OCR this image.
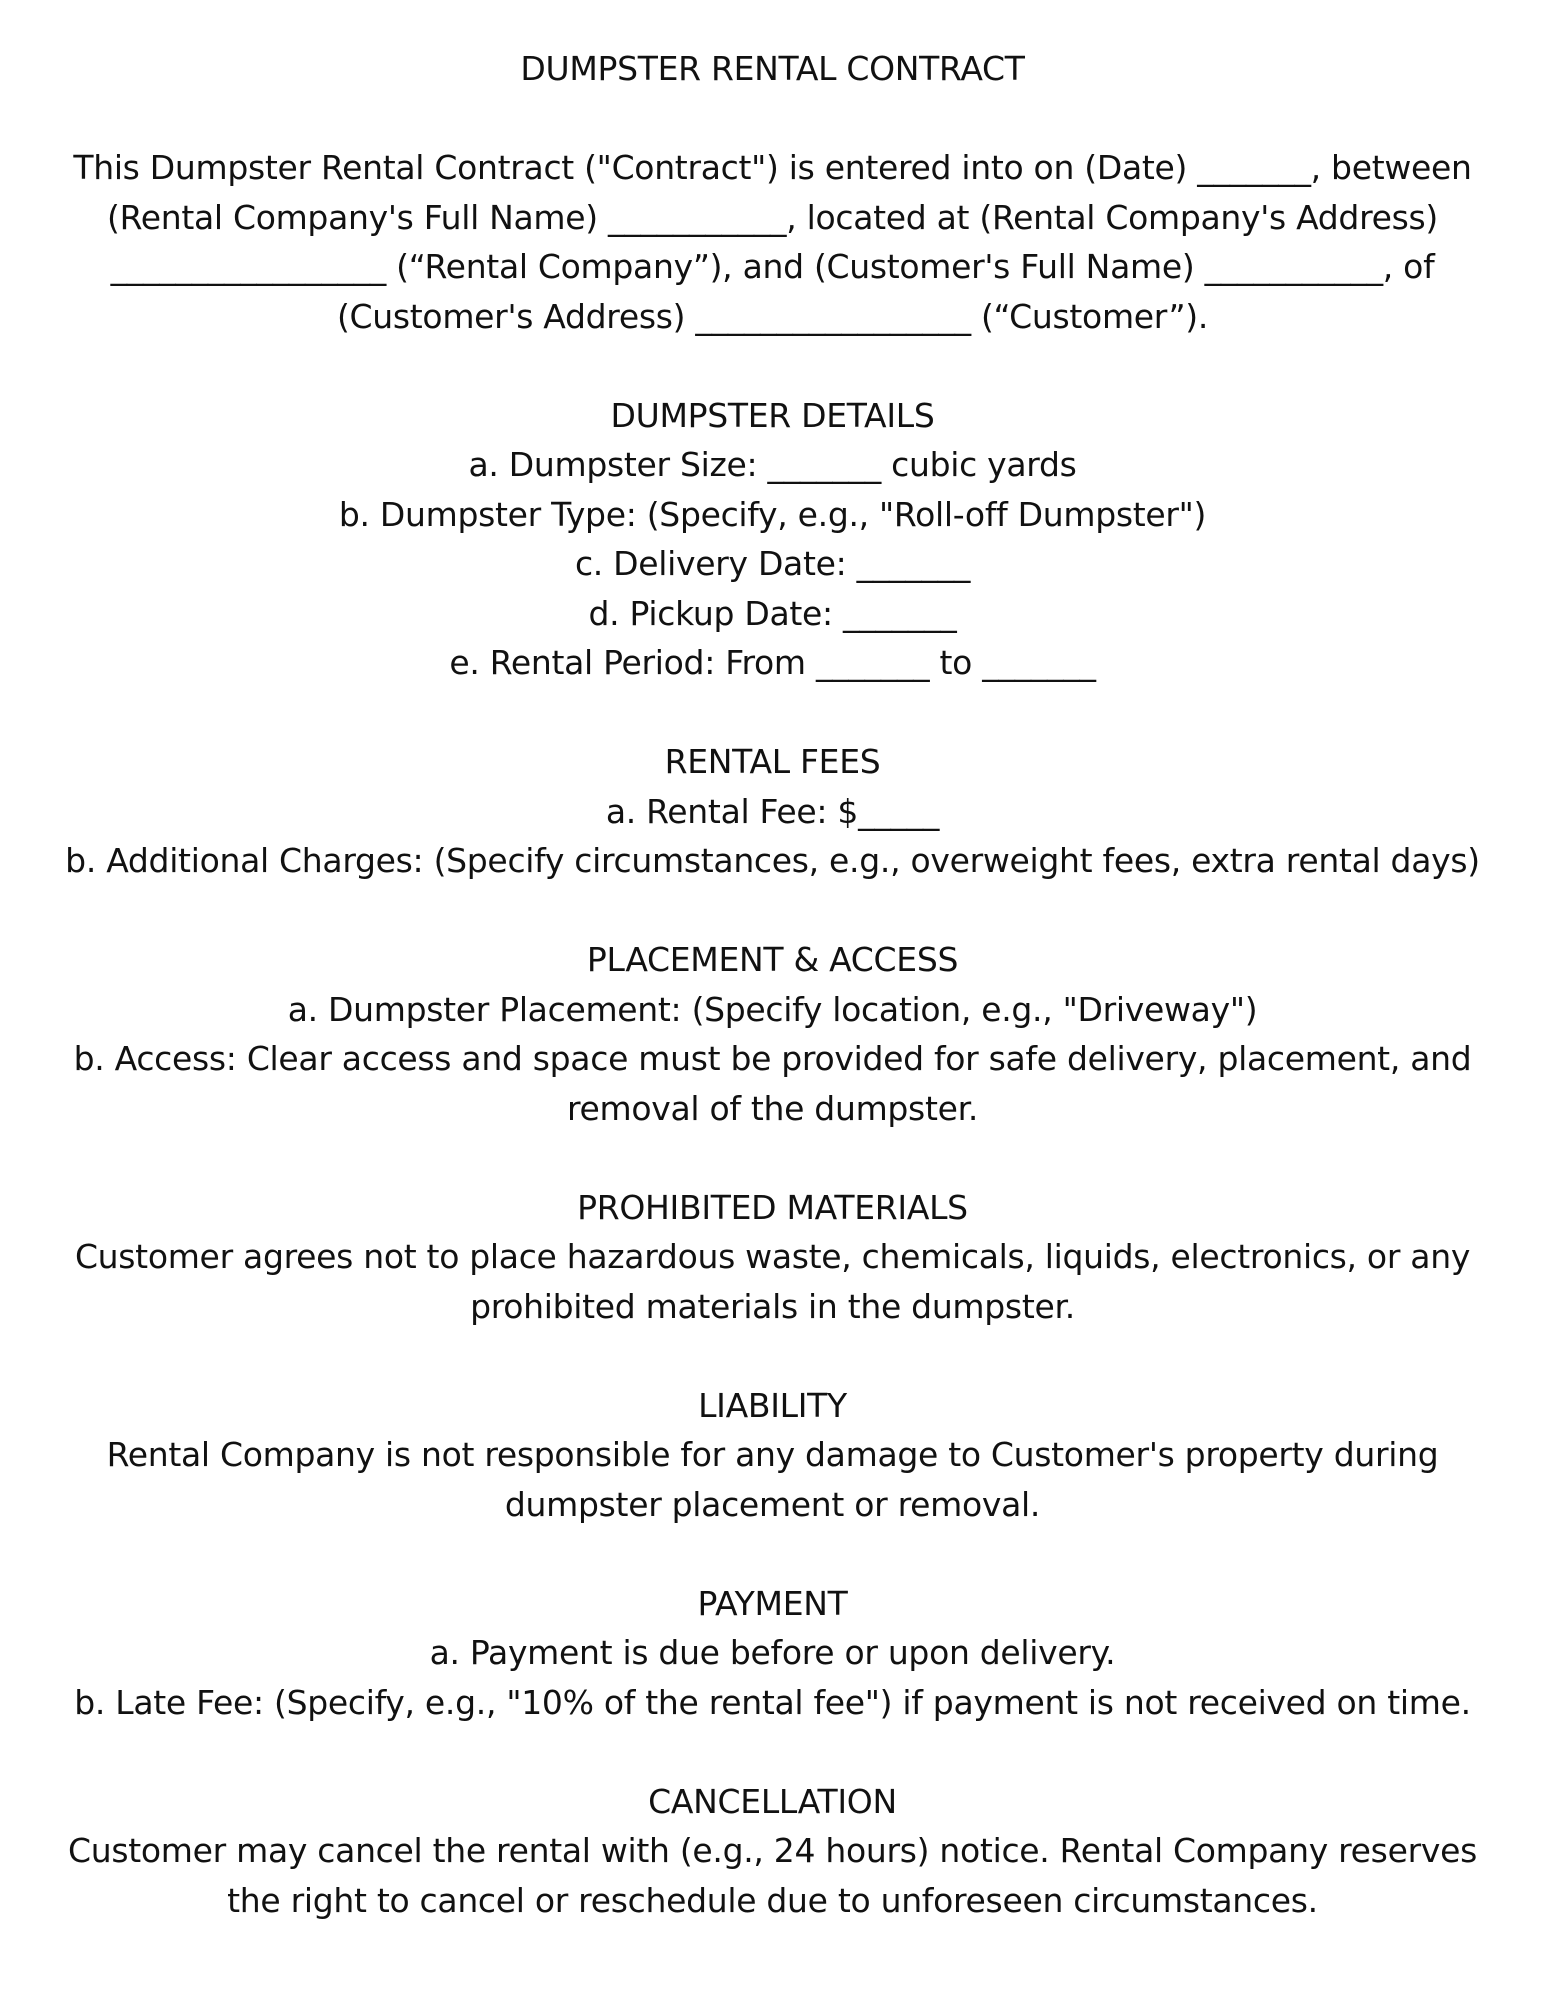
DUMPSTER RENTAL CONTRACT

This Dumpster Rental Contract ("Contract") is entered into on (Date) _______, between (Rental Company's Full Name) ___________, located at (Rental Company's Address) _________________ (“Rental Company”), and (Customer's Full Name) ___________, of (Customer's Address) _________________ (“Customer”).

DUMPSTER DETAILS

a. Dumpster Size: _______ cubic yards

b. Dumpster Type: (Specify, e.g., "Roll-off Dumpster")

c. Delivery Date: _______

d. Pickup Date: _______

e. Rental Period: From _______ to _______

RENTAL FEES

a. Rental Fee: $_____

b. Additional Charges: (Specify circumstances, e.g., overweight fees, extra rental days)

PLACEMENT & ACCESS

a. Dumpster Placement: (Specify location, e.g., "Driveway")

b. Access: Clear access and space must be provided for safe delivery, placement, and removal of the dumpster.

PROHIBITED MATERIALS

Customer agrees not to place hazardous waste, chemicals, liquids, electronics, or any prohibited materials in the dumpster.

LIABILITY

Rental Company is not responsible for any damage to Customer's property during dumpster placement or removal.

PAYMENT

a. Payment is due before or upon delivery.

b. Late Fee: (Specify, e.g., "10% of the rental fee") if payment is not received on time.

CANCELLATION

Customer may cancel the rental with (e.g., 24 hours) notice. Rental Company reserves the right to cancel or reschedule due to unforeseen circumstances.
